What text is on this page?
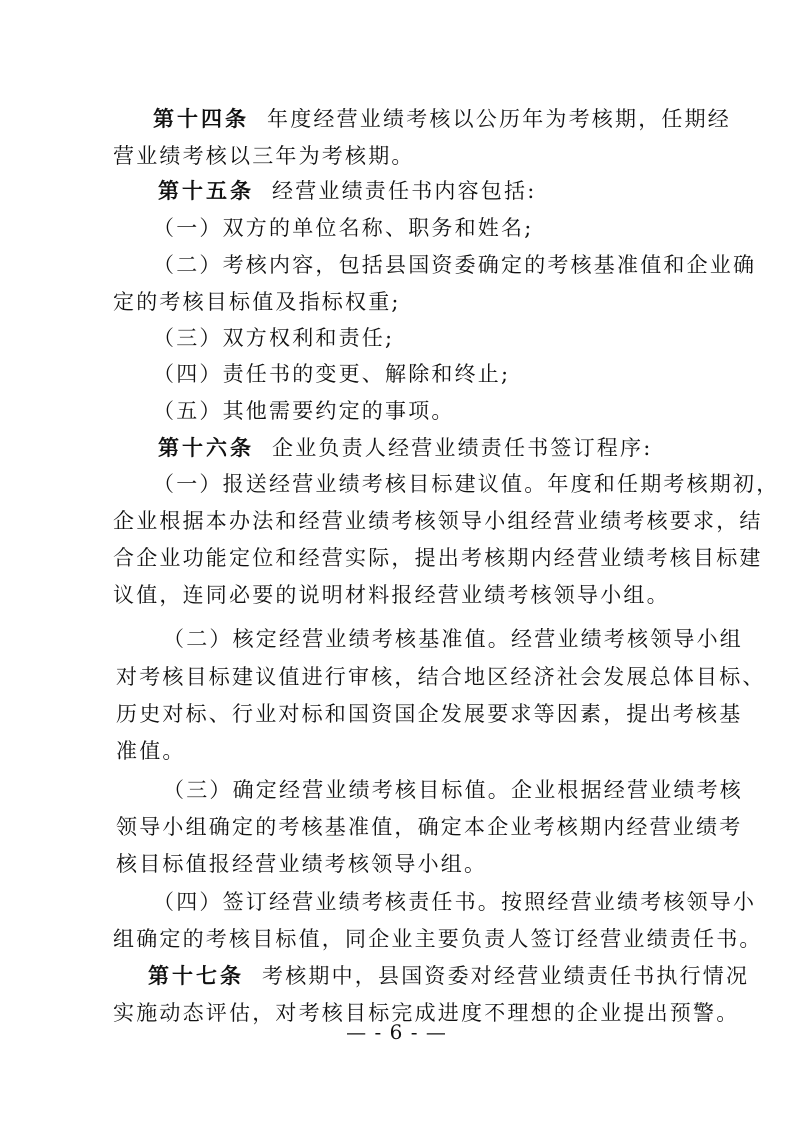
第十四条 年度经营业绩考核以公历年为考核期，任期经
营业绩考核以三年为考核期。
第十五条 经营业绩责任书内容包括:
（一）双方的单位名称、职务和姓名;
（二）考核内容，包括县国资委确定的考核基准值和企业确
定的考核目标值及指标权重;
（三）双方权利和责任;
（四）责任书的变更、解除和终止;
（五）其他需要约定的事项。
第十六条 企业负责人经营业绩责任书签订程序:
（一）报送经营业绩考核目标建议值。年度和任期考核期初，
企业根据本办法和经营业绩考核领导小组经营业绩考核要求，结
合企业功能定位和经营实际，提出考核期内经营业绩考核目标建
议值，连同必要的说明材料报经营业绩考核领导小组。
（二）核定经营业绩考核基准值。经营业绩考核领导小组
对考核目标建议值进行审核，结合地区经济社会发展总体目标、
历史对标、行业对标和国资国企发展要求等因素，提出考核基
准值。
（三）确定经营业绩考核目标值。企业根据经营业绩考核
领导小组确定的考核基准值，确定本企业考核期内经营业绩考
核目标值报经营业绩考核领导小组。
（四）签订经营业绩考核责任书。按照经营业绩考核领导小
组确定的考核目标值，同企业主要负责人签订经营业绩责任书。
第十七条 考核期中，县国资委对经营业绩责任书执行情况
实施动态评估，对考核目标完成进度不理想的企业提出预警。
— - 6 - —
